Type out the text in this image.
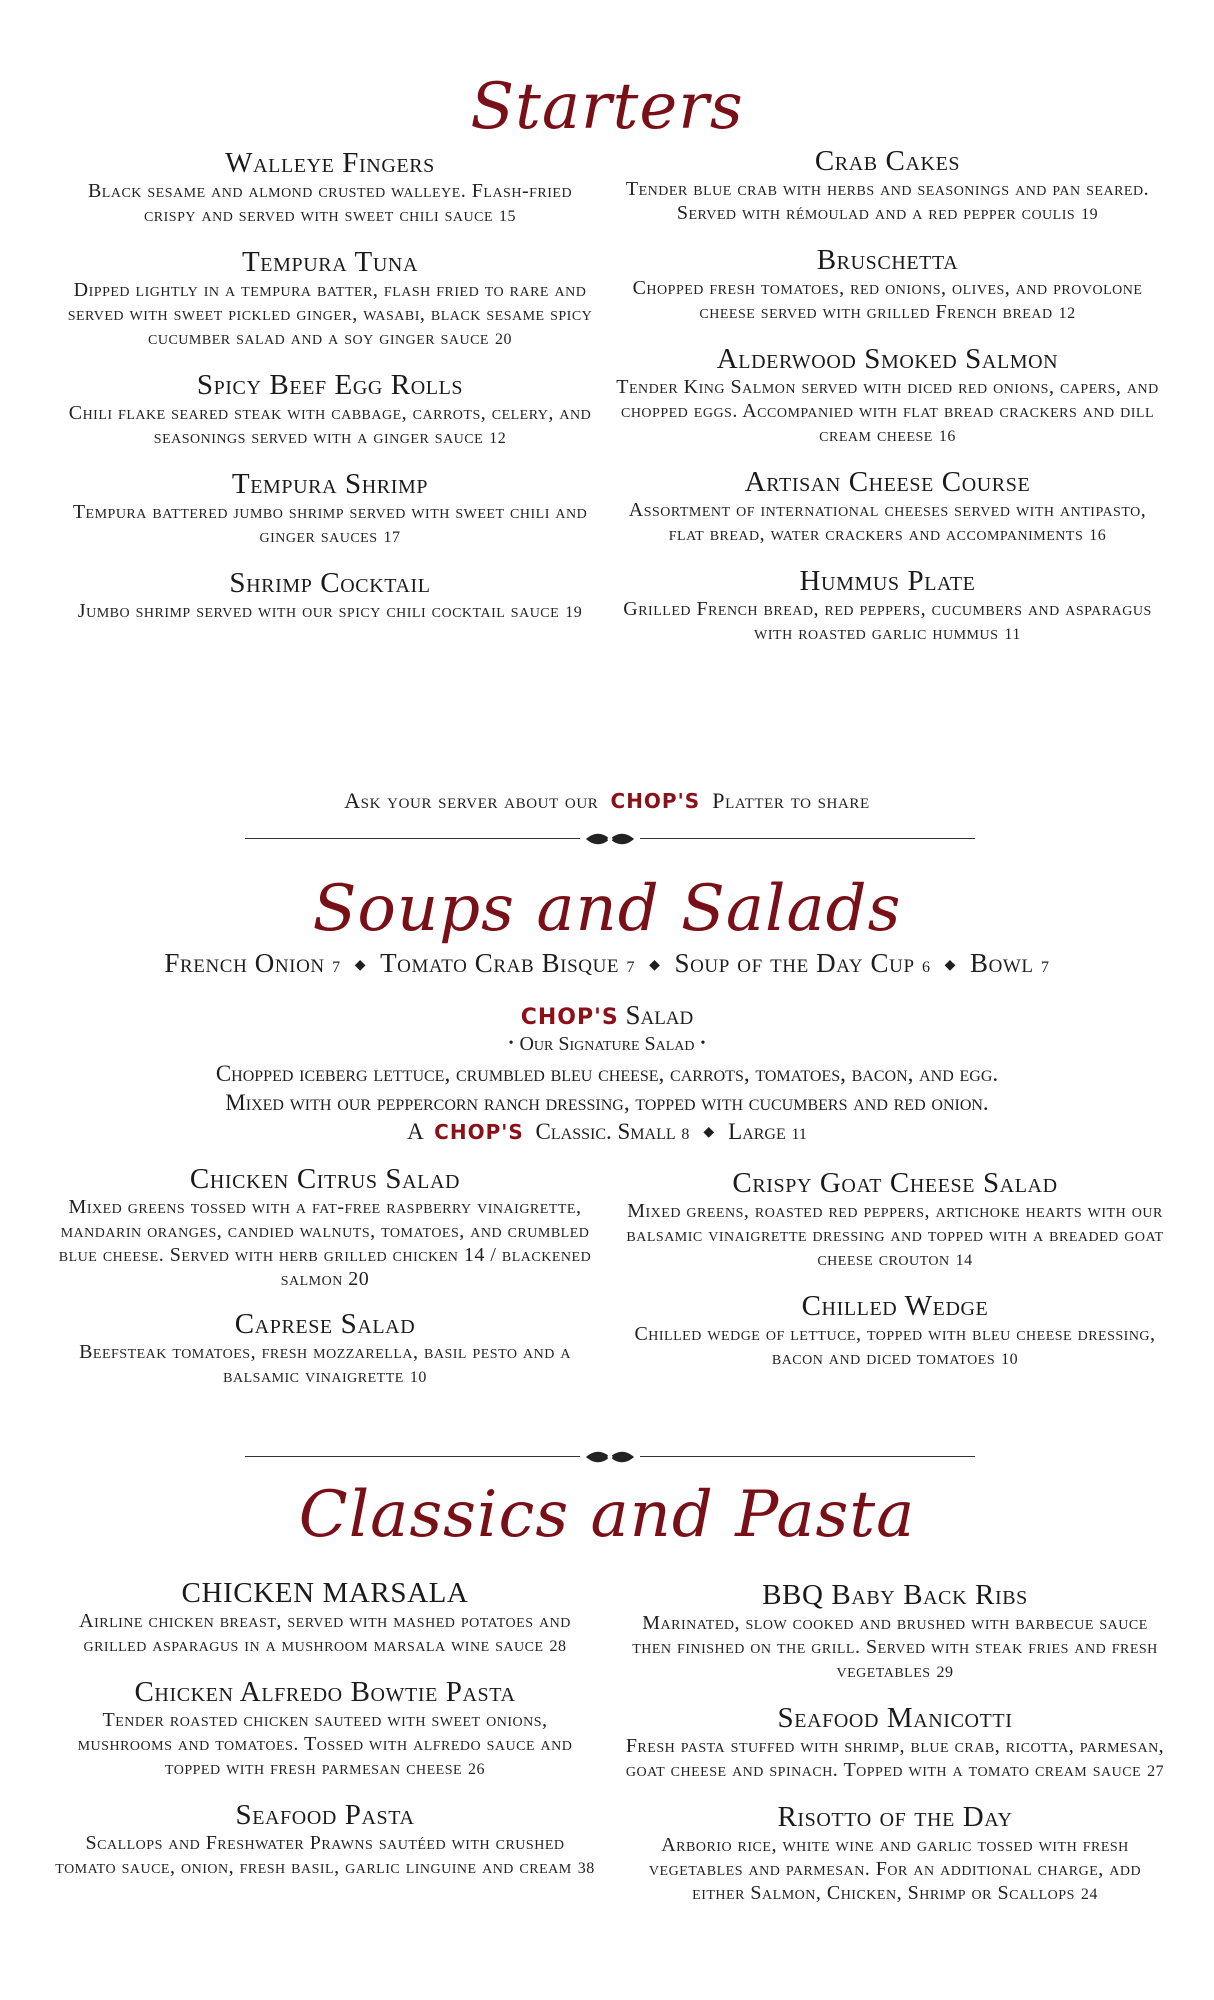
Starters
Walleye Fingers
Black sesame and almond crusted walleye. Flash-fried crispy and served with sweet chili sauce 15
Tempura Tuna
Dipped lightly in a tempura batter, flash fried to rare and served with sweet pickled ginger, wasabi, black sesame spicy cucumber salad and a soy ginger sauce 20
Spicy Beef Egg Rolls
Chili flake seared steak with cabbage, carrots, celery, and seasonings served with a ginger sauce 12
Tempura Shrimp
Tempura battered jumbo shrimp served with sweet chili and ginger sauces 17
Shrimp Cocktail
Jumbo shrimp served with our spicy chili cocktail sauce 19
Crab Cakes
Tender blue crab with herbs and seasonings and pan seared. Served with rémoulad and a red pepper coulis 19
Bruschetta
Chopped fresh tomatoes, red onions, olives, and provolone cheese served with grilled French bread 12
Alderwood Smoked Salmon
Tender King Salmon served with diced red onions, capers, and chopped eggs. Accompanied with flat bread crackers and dill cream cheese 16
Artisan Cheese Course
Assortment of international cheeses served with antipasto, flat bread, water crackers and accompaniments 16
Hummus Plate
Grilled French bread, red peppers, cucumbers and asparagus with roasted garlic hummus 11
Ask your server about our CHOP'S Platter to share
Soups and Salads
French Onion 7 ◆ Tomato Crab Bisque 7 ◆ Soup of the Day Cup 6 ◆ Bowl 7
CHOP'S Salad
• Our Signature Salad •
Chopped iceberg lettuce, crumbled bleu cheese, carrots, tomatoes, bacon, and egg.
Mixed with our peppercorn ranch dressing, topped with cucumbers and red onion.
A CHOP'S Classic. Small 8 ◆ Large 11
Chicken Citrus Salad
Mixed greens tossed with a fat-free raspberry vinaigrette, mandarin oranges, candied walnuts, tomatoes, and crumbled blue cheese. Served with herb grilled chicken 14 / blackened salmon 20
Caprese Salad
Beefsteak tomatoes, fresh mozzarella, basil pesto and a balsamic vinaigrette 10
Crispy Goat Cheese Salad
Mixed greens, roasted red peppers, artichoke hearts with our balsamic vinaigrette dressing and topped with a breaded goat cheese crouton 14
Chilled Wedge
Chilled wedge of lettuce, topped with bleu cheese dressing, bacon and diced tomatoes 10
Classics and Pasta
CHICKEN MARSALA
Airline chicken breast, served with mashed potatoes and grilled asparagus in a mushroom marsala wine sauce 28
Chicken Alfredo Bowtie Pasta
Tender roasted chicken sauteed with sweet onions, mushrooms and tomatoes. Tossed with alfredo sauce and topped with fresh parmesan cheese 26
Seafood Pasta
Scallops and Freshwater Prawns sautéed with crushed tomato sauce, onion, fresh basil, garlic linguine and cream 38
BBQ Baby Back Ribs
Marinated, slow cooked and brushed with barbecue sauce then finished on the grill. Served with steak fries and fresh vegetables 29
Seafood Manicotti
Fresh pasta stuffed with shrimp, blue crab, ricotta, parmesan, goat cheese and spinach. Topped with a tomato cream sauce 27
Risotto of the Day
Arborio rice, white wine and garlic tossed with fresh vegetables and parmesan. For an additional charge, add either Salmon, Chicken, Shrimp or Scallops 24
